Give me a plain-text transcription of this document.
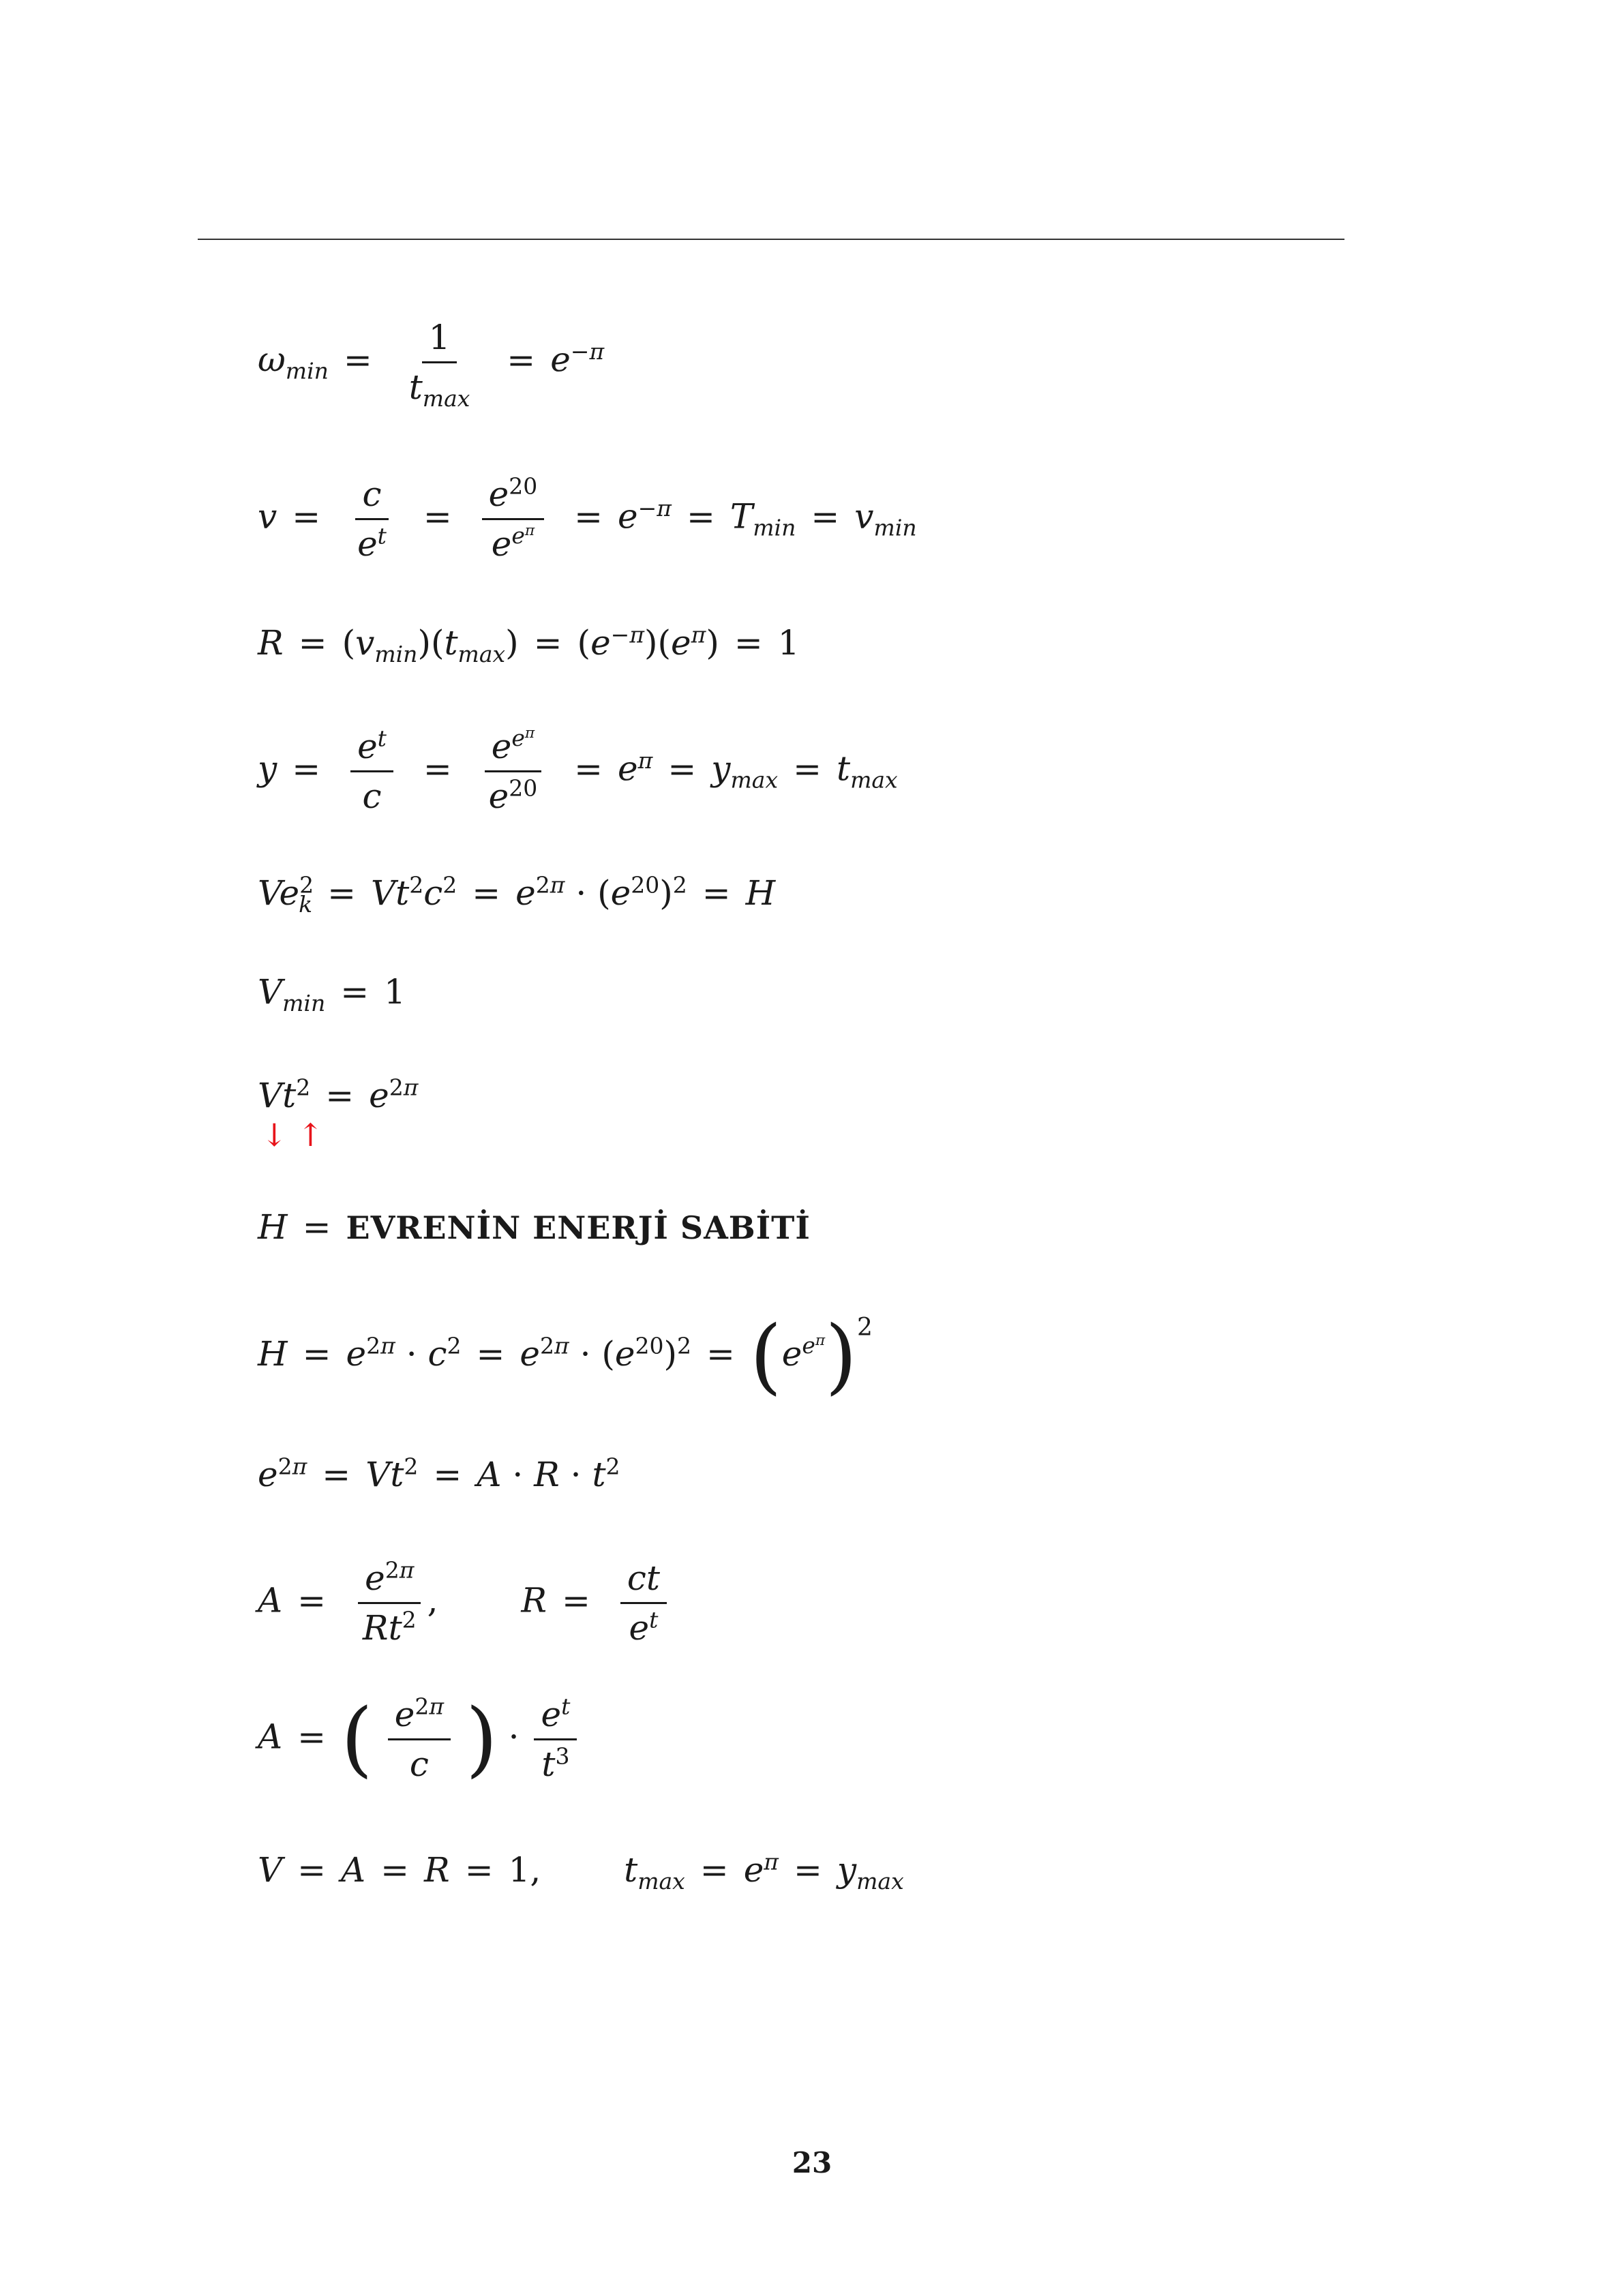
$\omega_{min} = \frac{1}{t_{max}} = e^{-\pi}$
$v = \frac{c}{e^t} = \frac{e^{20}}{e^{e^\pi}} = e^{-\pi} = T_{min} = v_{min}$
$R = (v_{min})(t_{max}) = (e^{-\pi})(e^\pi) = 1$
$y = \frac{e^t}{c} = \frac{e^{e^\pi}}{e^{20}} = e^\pi = y_{max} = t_{max}$
$Ve^2_k = Vt^2c^2 = e^{2\pi} \cdot (e^{20})^2 = H$
$V_{min} = 1$
$Vt^2 = e^{2\pi}$
↓ ↑
H = EVRENİN ENERJİ SABİTİ
$H = e^{2\pi} \cdot c^2 = e^{2\pi} \cdot (e^{20})^2 = (e^{e^\pi})^2$
$e^{2\pi} = Vt^2 = A \cdot R \cdot t^2$
$A = \frac{e^{2\pi}}{Rt^2}$ ,  $R = \frac{ct}{e^t}$
A = ( $\frac{e^{2\pi}}{c}$ ) · $\frac{e^t}{t^3}$
V = A = R = 1,  $t_{max} = e^\pi = y_{max}$
23
